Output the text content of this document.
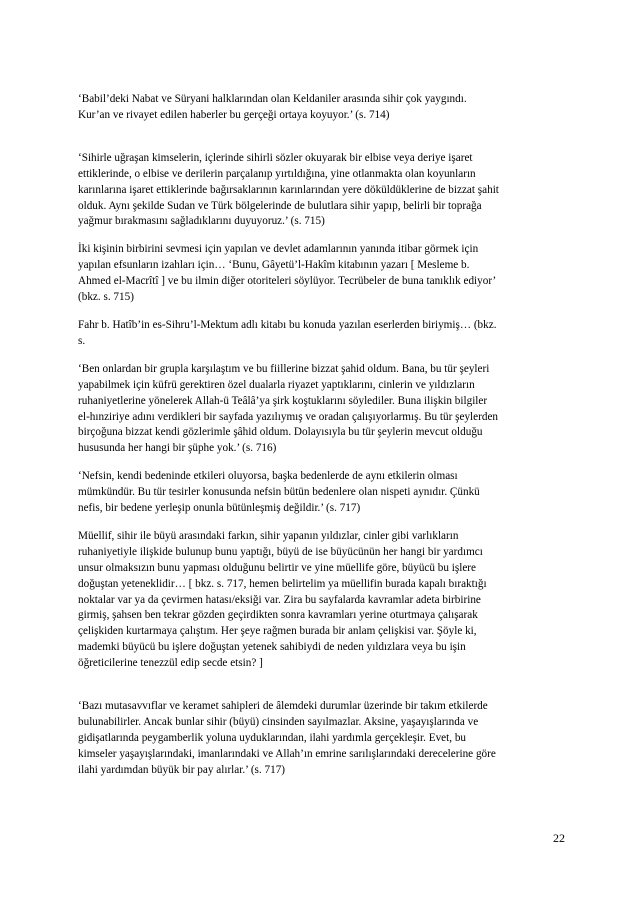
‘Babil’deki Nabat ve Süryani halklarından olan Keldaniler arasında sihir çok yaygındı.
Kur’an ve rivayet edilen haberler bu gerçeği ortaya koyuyor.’ (s. 714)

‘Sihirle uğraşan kimselerin, içlerinde sihirli sözler okuyarak bir elbise veya deriye işaret
ettiklerinde, o elbise ve derilerin parçalanıp yırtıldığına, yine otlanmakta olan koyunların
karınlarına işaret ettiklerinde bağırsaklarının karınlarından yere döküldüklerine de bizzat şahit
olduk. Aynı şekilde Sudan ve Türk bölgelerinde de bulutlara sihir yapıp, belirli bir toprağa
yağmur bırakmasını sağladıklarını duyuyoruz.’ (s. 715)

İki kişinin birbirini sevmesi için yapılan ve devlet adamlarının yanında itibar görmek için
yapılan efsunların izahları için… ‘Bunu, Gâyetü’l-Hakîm kitabının yazarı [ Mesleme b.
Ahmed el-Macrîtî ] ve bu ilmin diğer otoriteleri söylüyor. Tecrübeler de buna tanıklık ediyor’
(bkz. s. 715)

Fahr b. Hatîb’in es-Sihru’l-Mektum adlı kitabı bu konuda yazılan eserlerden biriymiş… (bkz.
s.

‘Ben onlardan bir grupla karşılaştım ve bu fiillerine bizzat şahid oldum. Bana, bu tür şeyleri
yapabilmek için küfrü gerektiren özel dualarla riyazet yaptıklarını, cinlerin ve yıldızların
ruhaniyetlerine yönelerek Allah-ü Teâlâ’ya şirk koştuklarını söylediler. Buna ilişkin bilgiler
el-hınziriye adını verdikleri bir sayfada yazılıymış ve oradan çalışıyorlarmış. Bu tür şeylerden
birçoğuna bizzat kendi gözlerimle şâhid oldum. Dolayısıyla bu tür şeylerin mevcut olduğu
hususunda her hangi bir şüphe yok.’ (s. 716)

‘Nefsin, kendi bedeninde etkileri oluyorsa, başka bedenlerde de aynı etkilerin olması
mümkündür. Bu tür tesirler konusunda nefsin bütün bedenlere olan nispeti aynıdır. Çünkü
nefis, bir bedene yerleşip onunla bütünleşmiş değildir.’ (s. 717)

Müellif, sihir ile büyü arasındaki farkın, sihir yapanın yıldızlar, cinler gibi varlıkların
ruhaniyetiyle ilişkide bulunup bunu yaptığı, büyü de ise büyücünün her hangi bir yardımcı
unsur olmaksızın bunu yapması olduğunu belirtir ve yine müellife göre, büyücü bu işlere
doğuştan yeteneklidir… [ bkz. s. 717, hemen belirtelim ya müellifin burada kapalı bıraktığı
noktalar var ya da çevirmen hatası/eksiği var. Zira bu sayfalarda kavramlar adeta birbirine
girmiş, şahsen ben tekrar gözden geçirdikten sonra kavramları yerine oturtmaya çalışarak
çelişkiden kurtarmaya çalıştım. Her şeye rağmen burada bir anlam çelişkisi var. Şöyle ki,
mademki büyücü bu işlere doğuştan yetenek sahibiydi de neden yıldızlara veya bu işin
öğreticilerine tenezzül edip secde etsin? ]

‘Bazı mutasavvıflar ve keramet sahipleri de âlemdeki durumlar üzerinde bir takım etkilerde
bulunabilirler. Ancak bunlar sihir (büyü) cinsinden sayılmazlar. Aksine, yaşayışlarında ve
gidişatlarında peygamberlik yoluna uyduklarından, ilahi yardımla gerçekleşir. Evet, bu
kimseler yaşayışlarındaki, imanlarındaki ve Allah’ın emrine sarılışlarındaki derecelerine göre
ilahi yardımdan büyük bir pay alırlar.’ (s. 717)

22
